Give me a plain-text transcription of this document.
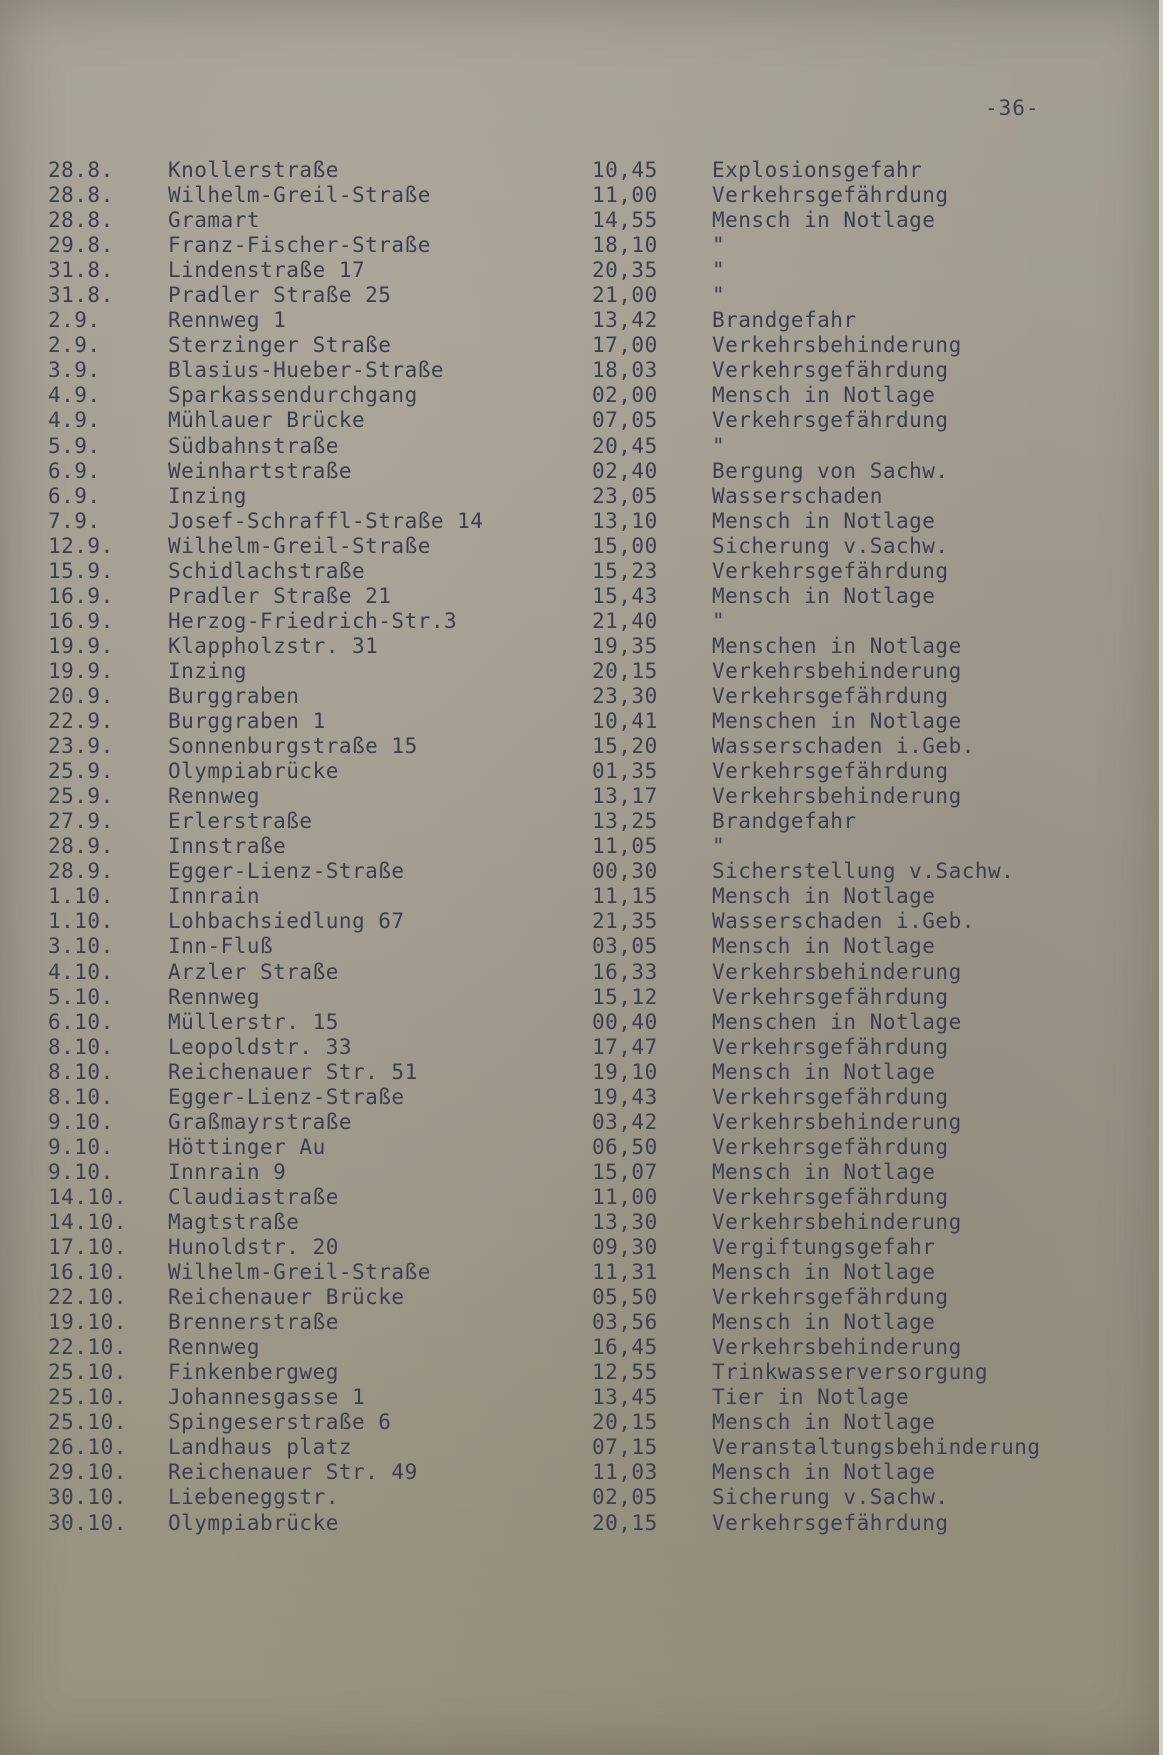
-36-
28.8.	Knollerstraße	10,45	Explosionsgefahr
28.8.	Wilhelm-Greil-Straße	11,00	Verkehrsgefährdung
28.8.	Gramart	14,55	Mensch in Notlage
29.8.	Franz-Fischer-Straße	18,10	"
31.8.	Lindenstraße 17	20,35	"
31.8.	Pradler Straße 25	21,00	"
2.9.	Rennweg 1	13,42	Brandgefahr
2.9.	Sterzinger Straße	17,00	Verkehrsbehinderung
3.9.	Blasius-Hueber-Straße	18,03	Verkehrsgefährdung
4.9.	Sparkassendurchgang	02,00	Mensch in Notlage
4.9.	Mühlauer Brücke	07,05	Verkehrsgefährdung
5.9.	Südbahnstraße	20,45	"
6.9.	Weinhartstraße	02,40	Bergung von Sachw.
6.9.	Inzing	23,05	Wasserschaden
7.9.	Josef-Schraffl-Straße 14	13,10	Mensch in Notlage
12.9.	Wilhelm-Greil-Straße	15,00	Sicherung v.Sachw.
15.9.	Schidlachstraße	15,23	Verkehrsgefährdung
16.9.	Pradler Straße 21	15,43	Mensch in Notlage
16.9.	Herzog-Friedrich-Str.3	21,40	"
19.9.	Klappholzstr. 31	19,35	Menschen in Notlage
19.9.	Inzing	20,15	Verkehrsbehinderung
20.9.	Burggraben	23,30	Verkehrsgefährdung
22.9.	Burggraben 1	10,41	Menschen in Notlage
23.9.	Sonnenburgstraße 15	15,20	Wasserschaden i.Geb.
25.9.	Olympiabrücke	01,35	Verkehrsgefährdung
25.9.	Rennweg	13,17	Verkehrsbehinderung
27.9.	Erlerstraße	13,25	Brandgefahr
28.9.	Innstraße	11,05	"
28.9.	Egger-Lienz-Straße	00,30	Sicherstellung v.Sachw.
1.10.	Innrain	11,15	Mensch in Notlage
1.10.	Lohbachsiedlung 67	21,35	Wasserschaden i.Geb.
3.10.	Inn-Fluß	03,05	Mensch in Notlage
4.10.	Arzler Straße	16,33	Verkehrsbehinderung
5.10.	Rennweg	15,12	Verkehrsgefährdung
6.10.	Müllerstr. 15	00,40	Menschen in Notlage
8.10.	Leopoldstr. 33	17,47	Verkehrsgefährdung
8.10.	Reichenauer Str. 51	19,10	Mensch in Notlage
8.10.	Egger-Lienz-Straße	19,43	Verkehrsgefährdung
9.10.	Graßmayrstraße	03,42	Verkehrsbehinderung
9.10.	Höttinger Au	06,50	Verkehrsgefährdung
9.10.	Innrain 9	15,07	Mensch in Notlage
14.10. Claudiastraße	11,00	Verkehrsgefährdung
14.10. Magtstraße	13,30	Verkehrsbehinderung
17.10. Hunoldstr. 20	09,30	Vergiftungsgefahr
16.10. Wilhelm-Greil-Straße	11,31	Mensch in Notlage
22.10. Reichenauer Brücke	05,50	Verkehrsgefährdung
19.10. Brennerstraße	03,56	Mensch in Notlage
22.10. Rennweg	16,45	Verkehrsbehinderung
25.10. Finkenbergweg	12,55	Trinkwasserversorgung
25.10. Johannesgasse 1	13,45	Tier in Notlage
25.10. Spingeserstraße 6	20,15	Mensch in Notlage
26.10. Landhaus platz	07,15	Veranstaltungsbehinderung
29.10. Reichenauer Str. 49	11,03	Mensch in Notlage
30.10. Liebeneggstr.	02,05	Sicherung v.Sachw.
30.10. Olympiabrücke	20,15	Verkehrsgefährdung
